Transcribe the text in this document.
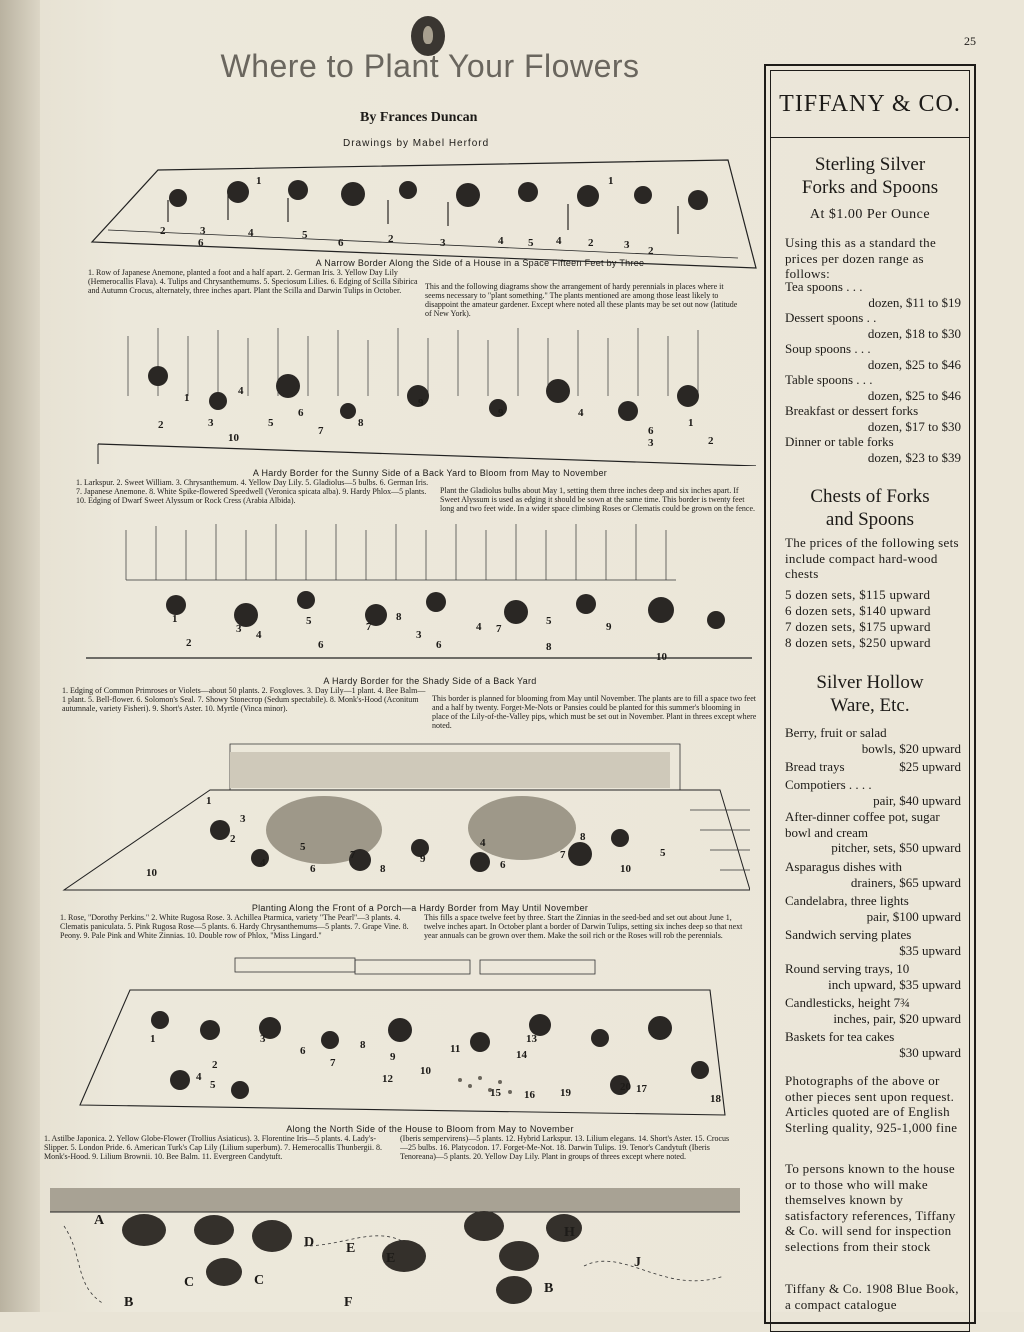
25
Where to Plant Your Flowers
By Frances Duncan
Drawings by Mabel Herford
1
2	3	4	5
6	2	3	4 5 4 2	3 2
1
6
A Narrow Border Along the Side of a House in a Space Fifteen Feet by Three
1. Row of Japanese Anemone, planted a foot and a half apart. 2. German Iris. 3. Yellow Day Lily (Hemerocallis Flava). 4. Tulips and Chrysanthemums. 5. Speciosum Lilies. 6. Edging of Scilla Sibirica and Autumn Crocus, alternately, three inches apart. Plant the Scilla and Darwin Tulips in October.	This and the following diagrams show the arrangement of hardy perennials in places where it seems necessary to "plant something." The plants mentioned are among those least likely to disappoint the amateur gardener. Except where noted all these plants may be set out now (latitude of New York).
1
2	3
4
5
6
7
8
9
10
4
6
9
3
1
2
A Hardy Border for the Sunny Side of a Back Yard to Bloom from May to November
1. Larkspur. 2. Sweet William. 3. Chrysanthemum. 4. Yellow Day Lily. 5. Gladiolus—5 bulbs. 6. German Iris. 7. Japanese Anemone. 8. White Spike-flowered Speedwell (Veronica spicata alba). 9. Hardy Phlox—5 plants. 10. Edging of Dwarf Sweet Alyssum or Rock Cress (Arabia Albida).
Plant the Gladiolus bulbs about May 1, setting them three inches deep and six inches apart. If Sweet Alyssum is used as edging it should be sown at the same time. This border is twenty feet long and two feet wide. In a wider space climbing Roses or Clematis could be grown on the fence.
1
2
3 4
5
6
7
8
9
10
3
4	5
6
7
8
A Hardy Border for the Shady Side of a Back Yard
1. Edging of Common Primroses or Violets—about 50 plants. 2. Foxgloves. 3. Day Lily—1 plant. 4. Bee Balm—1 plant. 5. Bell-flower. 6. Solomon's Seal. 7. Showy Stonecrop (Sedum spectabile). 8. Monk's-Hood (Aconitum autumnale, variety Fisheri). 9. Short's Aster. 10. Myrtle (Vinca minor).
This border is planned for blooming from May until November. The plants are to fill a space two feet and a half by twenty. Forget-Me-Nots or Pansies could be planted for this summer's blooming in place of the Lily-of-the-Valley pips, which must be set out in November. Plant in threes except where noted.
1
2
3
4
5
6
7
8
9
10
4
6
7
8
10
5
Planting Along the Front of a Porch—a Hardy Border from May Until November
1. Rose, "Dorothy Perkins." 2. White Rugosa Rose. 3. Achillea Ptarmica, variety "The Pearl"—3 plants. 4. Clematis paniculata. 5. Pink Rugosa Rose—5 plants. 6. Hardy Chrysanthemums—5 plants. 7. Grape Vine. 8. Peony. 9. Pale Pink and White Zinnias. 10. Double row of Phlox, "Miss Lingard."
This fills a space twelve feet by three. Start the Zinnias in the seed-bed and set out about June 1, twelve inches apart. In October plant a border of Darwin Tulips, setting six inches deep so that next year annuals can be grown over them. Make the soil rich or the Roses will rob the perennials.
1
2
3
4
5
6
7
8
9
10
11
12
13
14
15 16	17
18
19	20
Along the North Side of the House to Bloom from May to November
1. Astilbe Japonica. 2. Yellow Globe-Flower (Trollius Asiaticus). 3. Florentine Iris—5 plants. 4. Lady's-Slipper. 5. London Pride. 6. American Turk's Cap Lily (Lilium superbum). 7. Hemerocallis Thunbergii. 8. Monk's-Hood. 9. Lilium Brownii. 10. Bee Balm. 11. Evergreen Candytuft.
(Iberis sempervirens)—5 plants. 12. Hybrid Larkspur. 13. Lilium elegans. 14. Short's Aster. 15. Crocus—25 bulbs. 16. Platycodon. 17. Forget-Me-Not. 18. Darwin Tulips. 19. Tenor's Candytuft (Iberis Tenoreana)—5 plants. 20. Yellow Day Lily. Plant in groups of threes except where noted.
A
B
C	C
D E
E
F
H
J
B
TIFFANY & CO.
Sterling Silver Forks and Spoons
At $1.00 Per Ounce
Using this as a standard the prices per dozen range as follows:
Tea spoons . . .
dozen, $11 to $19
Dessert spoons . .
dozen, $18 to $30
Soup spoons . . .
dozen, $25 to $46
Table spoons . . .
dozen, $25 to $46
Breakfast or dessert forks
dozen, $17 to $30
Dinner or table forks
dozen, $23 to $39
Chests of Forks and Spoons
The prices of the following sets include compact hard-wood chests
5 dozen sets, $115 upward
6 dozen sets, $140 upward
7 dozen sets, $175 upward
8 dozen sets, $250 upward
Silver Hollow Ware, Etc.
Berry, fruit or salad
bowls, $20 upward
Bread trays	$25 upward
Compotiers . . . .
pair, $40 upward
After-dinner coffee pot, sugar bowl and cream
pitcher, sets, $50 upward
Asparagus dishes with
drainers, $65 upward
Candelabra, three lights
pair, $100 upward
Sandwich serving plates
$35 upward
Round serving trays, 10
inch upward, $35 upward
Candlesticks, height 7¾
inches, pair, $20 upward
Baskets for tea cakes
$30 upward
Photographs of the above or other pieces sent upon request. Articles quoted are of English Sterling quality, 925-1,000 fine
To persons known to the house or to those who will make themselves known by satisfactory references, Tiffany & Co. will send for inspection selections from their stock
Tiffany & Co. 1908 Blue Book, a compact catalogue
